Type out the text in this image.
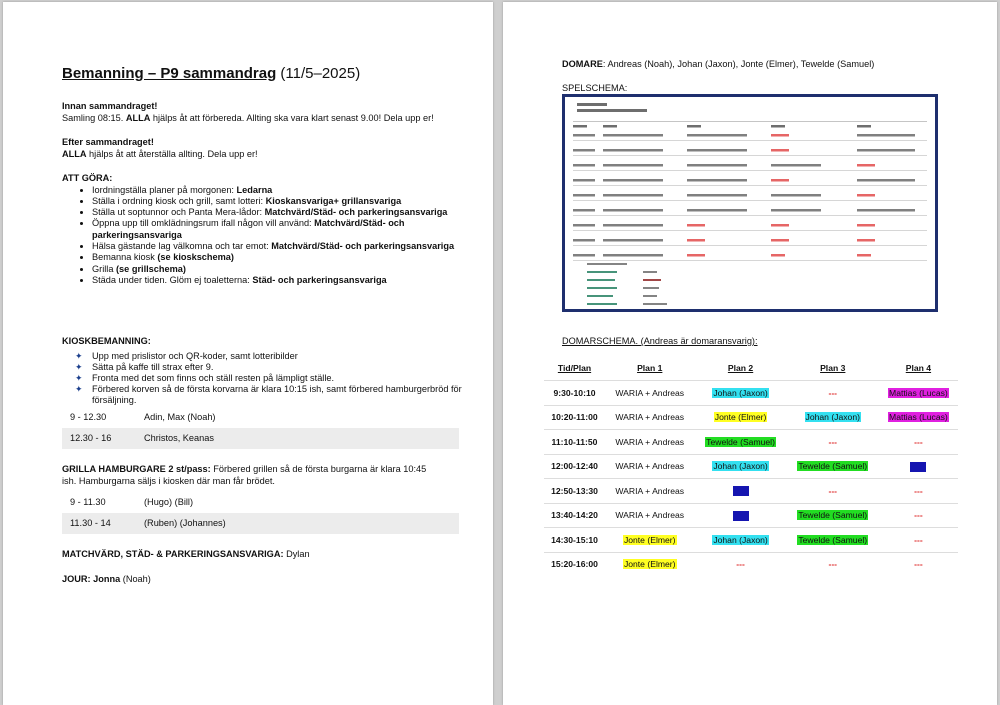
Bemanning – P9 sammandrag (11/5–2025)
Innan sammandraget!
Samling 08:15. ALLA hjälps åt att förbereda. Allting ska vara klart senast 9.00! Dela upp er!
Efter sammandraget!
ALLA hjälps åt att återställa allting. Dela upp er!
ATT GÖRA:
• Iordningställa planer på morgonen: Ledarna
• Ställa i ordning kiosk och grill, samt lotteri: Kioskansvariga+ grillansvariga
• Ställa ut soptunnor och Panta Mera-lådor: Matchvärd/Städ- och parkeringsansvariga
• Öppna upp till omklädningsrum ifall någon vill använd: Matchvärd/Städ- och parkeringsansvariga
• Hälsa gästande lag välkomna och tar emot: Matchvärd/Städ- och parkeringsansvariga
• Bemanna kiosk (se kioskschema)
• Grilla (se grillschema)
• Städa under tiden. Glöm ej toaletterna: Städ- och parkeringsansvariga
KIOSKBEMANNING:
✦ Upp med prislistor och QR-koder, samt lotteribilder
✦ Sätta på kaffe till strax efter 9.
✦ Fronta med det som finns och ställ resten på lämpligt ställe.
✦ Förbered korven så de första korvarna är klara 10:15 ish, samt förbered hamburgerbröd för försäljning.
9 - 12.30	Adin, Max (Noah)
12.30 - 16	Christos, Keanas
GRILLA HAMBURGARE 2 st/pass: Förbered grillen så de första burgarna är klara 10:45 ish. Hamburgarna säljs i kiosken där man får brödet.
9 - 11.30	(Hugo) (Bill)
11.30 - 14	(Ruben) (Johannes)
MATCHVÄRD, STÄD- & PARKERINGSANSVARIGA: Dylan
JOUR: Jonna (Noah)
DOMARE: Andreas (Noah), Johan (Jaxon), Jonte (Elmer), Tewelde (Samuel)
SPELSCHEMA:
DOMARSCHEMA. (Andreas är domaransvarig):
Tid/Plan	Plan 1	Plan 2	Plan 3	Plan 4
9:30-10:10	WARIA + Andreas	Johan (Jaxon)	---	Mattias (Lucas)
10:20-11:00	WARIA + Andreas	Jonte (Elmer)	Johan (Jaxon)	Mattias (Lucas)
11:10-11:50	WARIA + Andreas	Tewelde (Samuel)	---	---
12:00-12:40	WARIA + Andreas	Johan (Jaxon)	Tewelde (Samuel)	
12:50-13:30	WARIA + Andreas		---	---
13:40-14:20	WARIA + Andreas		Tewelde (Samuel)	---
14:30-15:10	Jonte (Elmer)	Johan (Jaxon)	Tewelde (Samuel)	---
15:20-16:00	Jonte (Elmer)	---	---	---
